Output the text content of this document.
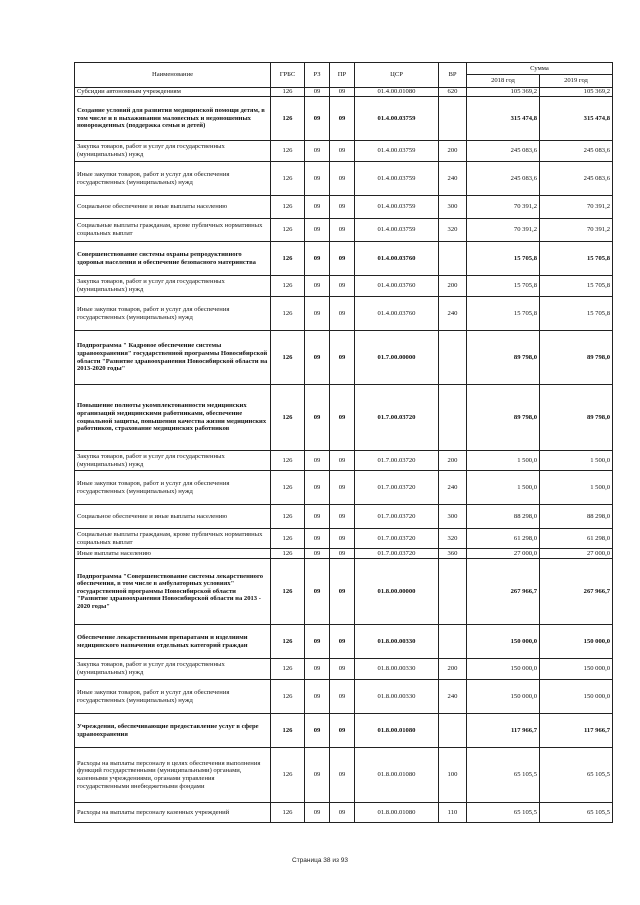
Наименование	ГРБС	РЗ	ПР	ЦСР	ВР	Сумма	
						2018 год	2019 год
Субсидии автономным учреждениям	126	09	09	01.4.00.01080	620	105 369,2	105 369,2
Создание условий для развития медицинской помощи детям, в том числе и в выхаживании маловесных и недоношенных новорожденных (поддержка семьи и детей)	126	09	09	01.4.00.03759		315 474,8	315 474,8
Закупка товаров, работ и услуг для государственных (муниципальных) нужд	126	09	09	01.4.00.03759	200	245 083,6	245 083,6
Иные закупки товаров, работ и услуг для обеспечения государственных (муниципальных) нужд	126	09	09	01.4.00.03759	240	245 083,6	245 083,6
Социальное обеспечение и иные выплаты населению	126	09	09	01.4.00.03759	300	70 391,2	70 391,2
Социальные выплаты гражданам, кроме публичных нормативных социальных выплат	126	09	09	01.4.00.03759	320	70 391,2	70 391,2
Совершенствование системы охраны репродуктивного здоровья населения и обеспечение безопасного материнства	126	09	09	01.4.00.03760		15 705,8	15 705,8
Закупка товаров, работ и услуг для государственных (муниципальных) нужд	126	09	09	01.4.00.03760	200	15 705,8	15 705,8
Иные закупки товаров, работ и услуг для обеспечения государственных (муниципальных) нужд	126	09	09	01.4.00.03760	240	15 705,8	15 705,8
Подпрограмма " Кадровое обеспечение системы здравоохранения" государственной программы Новосибирской области "Развитие здравоохранения Новосибирской области на 2013-2020 годы"	126	09	09	01.7.00.00000		89 798,0	89 798,0
Повышение полноты укомплектованности медицинских организаций медицинскими работниками, обеспечение социальной защиты, повышения качества жизни медицинских работников, страхование медицинских работников	126	09	09	01.7.00.03720		89 798,0	89 798,0
Закупка товаров, работ и услуг для государственных (муниципальных) нужд	126	09	09	01.7.00.03720	200	1 500,0	1 500,0
Иные закупки товаров, работ и услуг для обеспечения государственных (муниципальных) нужд	126	09	09	01.7.00.03720	240	1 500,0	1 500,0
Социальное обеспечение и иные выплаты населению	126	09	09	01.7.00.03720	300	88 298,0	88 298,0
Социальные выплаты гражданам, кроме публичных нормативных социальных выплат	126	09	09	01.7.00.03720	320	61 298,0	61 298,0
Иные выплаты населению	126	09	09	01.7.00.03720	360	27 000,0	27 000,0
Подпрограмма "Совершенствование системы лекарственного обеспечения, в том числе в амбулаторных условиях" государственной программы Новосибирской области "Развитие здравоохранения Новосибирской области на 2013 - 2020 годы"	126	09	09	01.8.00.00000		267 966,7	267 966,7
Обеспечение лекарственными препаратами и изделиями медицинского назначения отдельных категорий граждан	126	09	09	01.8.00.00330		150 000,0	150 000,0
Закупка товаров, работ и услуг для государственных (муниципальных) нужд	126	09	09	01.8.00.00330	200	150 000,0	150 000,0
Иные закупки товаров, работ и услуг для обеспечения государственных (муниципальных) нужд	126	09	09	01.8.00.00330	240	150 000,0	150 000,0
Учреждения, обеспечивающие предоставление услуг в сфере здравоохранения	126	09	09	01.8.00.01080		117 966,7	117 966,7
Расходы на выплаты персоналу в целях обеспечения выполнения функций государственными (муниципальными) органами, казенными учреждениями, органами управления государственными внебюджетными фондами	126	09	09	01.8.00.01080	100	65 105,5	65 105,5
Расходы на выплаты персоналу казенных учреждений	126	09	09	01.8.00.01080	110	65 105,5	65 105,5
Страница 38 из 93
